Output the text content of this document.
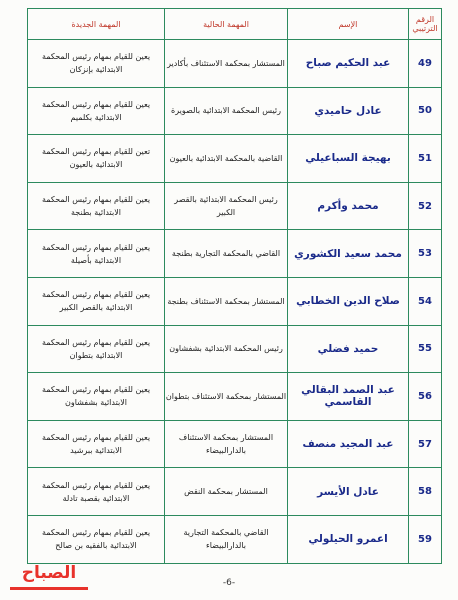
المهمة الجديدة	المهمة الحالية	الإسم	الرقم الترتيبي
يعين للقيام بمهام رئيس المحكمة الابتدائية بإنزكان	المستشار بمحكمة الاستئناف بأكادير	عبد الحكيم صباح	49
يعين للقيام بمهام رئيس المحكمة الابتدائية بكلميم	رئيس المحكمة الابتدائية بالصويرة	عادل حاميدي	50
تعين للقيام بمهام رئيس المحكمة الابتدائية بالعيون	القاضية بالمحكمة الابتدائية بالعيون	بهيجة السباعيلي	51
يعين للقيام بمهام رئيس المحكمة الابتدائية بطنجة	رئيس المحكمة الابتدائية بالقصر الكبير	محمد وأكرم	52
يعين للقيام بمهام رئيس المحكمة الابتدائية بأصيلة	القاضي بالمحكمة التجارية بطنجة	محمد سعيد الكشوري	53
يعين للقيام بمهام رئيس المحكمة الابتدائية بالقصر الكبير	المستشار بمحكمة الاستئناف بطنجة	صلاح الدين الخطابي	54
يعين للقيام بمهام رئيس المحكمة الابتدائية بتطوان	رئيس المحكمة الابتدائية بشفشاون	حميد فضلي	55
يعين للقيام بمهام رئيس المحكمة الابتدائية بشفشاون	المستشار بمحكمة الاستئناف بتطوان	عبد الصمد البقالي القاسمي	56
يعين للقيام بمهام رئيس المحكمة الابتدائية ببرشيد	المستشار بمحكمة الاستئناف بالدارالبيضاء	عبد المجيد منصف	57
يعين للقيام بمهام رئيس المحكمة الابتدائية بقصبة تادلة	المستشار بمحكمة النقض	عادل الأيسر	58
يعين للقيام بمهام رئيس المحكمة الابتدائية بالفقيه بن صالح	القاضي بالمحكمة التجارية بالدارالبيضاء	اعمرو الحيلولي	59
-6-
الصباح
